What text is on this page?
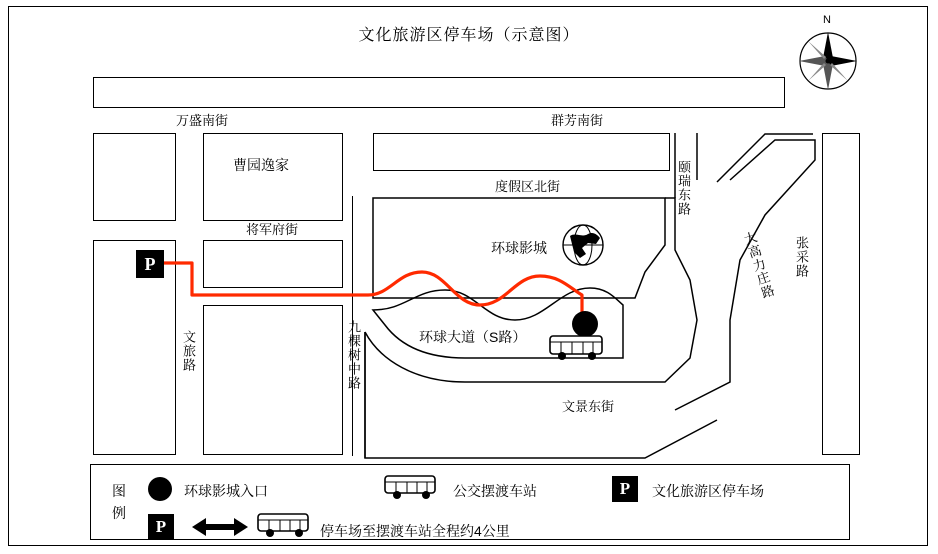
文化旅游区停车场（示意图）
N
曹园逸家
P
万盛南街	群芳南街
度假区北街
将军府街
文景东街
颐瑞东路
大高力庄路	张采路
文旅路	九棵树中路	环球大道（S路）
环球影城
图
例
环球影城入口	公交摆渡车站	P	文化旅游区停车场
P	停车场至摆渡车站全程约4公里
